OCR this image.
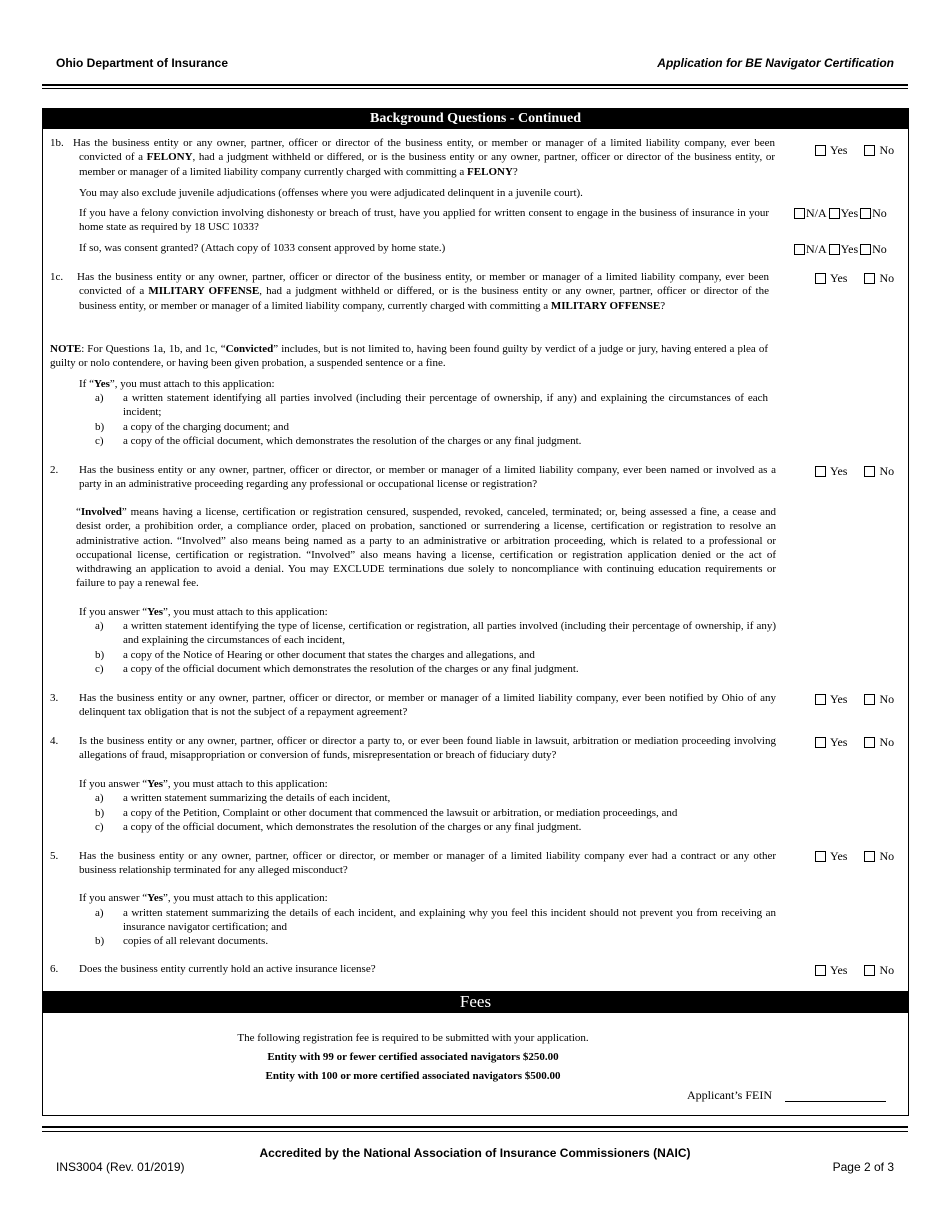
Ohio Department of Insurance	Application for BE Navigator Certification
Background Questions - Continued
1b. Has the business entity or any owner, partner, officer or director of the business entity, or member or manager of a limited liability company, ever been convicted of a FELONY, had a judgment withheld or differed, or is the business entity or any owner, partner, officer or director of the business entity, or member or manager of a limited liability company currently charged with committing a FELONY?
Yes	No
You may also exclude juvenile adjudications (offenses where you were adjudicated delinquent in a juvenile court).
If you have a felony conviction involving dishonesty or breach of trust, have you applied for written consent to engage in the business of insurance in your home state as required by 18 USC 1033?
N/A Yes No
If so, was consent granted? (Attach copy of 1033 consent approved by home state.)	N/A Yes No
1c. Has the business entity or any owner, partner, officer or director of the business entity, or member or manager of a limited liability company, ever been convicted of a MILITARY OFFENSE, had a judgment withheld or differed, or is the business entity or any owner, partner, officer or director of the business entity, or member or manager of a limited liability company, currently charged with committing a MILITARY OFFENSE?
Yes	No
NOTE: For Questions 1a, 1b, and 1c, “Convicted” includes, but is not limited to, having been found guilty by verdict of a judge or jury, having entered a plea of guilty or nolo contendere, or having been given probation, a suspended sentence or a fine.
If “Yes”, you must attach to this application:
a) a written statement identifying all parties involved (including their percentage of ownership, if any) and explaining the circumstances of each incident;
b) a copy of the charging document; and
c) a copy of the official document, which demonstrates the resolution of the charges or any final judgment.
2. Has the business entity or any owner, partner, officer or director, or member or manager of a limited liability company, ever been named or involved as a party in an administrative proceeding regarding any professional or occupational license or registration?
Yes	No
“Involved” means having a license, certification or registration censured, suspended, revoked, canceled, terminated; or, being assessed a fine, a cease and desist order, a prohibition order, a compliance order, placed on probation, sanctioned or surrendering a license, certification or registration to resolve an administrative action. “Involved” also means being named as a party to an administrative or arbitration proceeding, which is related to a professional or occupational license, certification or registration. “Involved” also means having a license, certification or registration application denied or the act of withdrawing an application to avoid a denial. You may EXCLUDE terminations due solely to noncompliance with continuing education requirements or failure to pay a renewal fee.
If you answer “Yes”, you must attach to this application:
a) a written statement identifying the type of license, certification or registration, all parties involved (including their percentage of ownership, if any) and explaining the circumstances of each incident,
b) a copy of the Notice of Hearing or other document that states the charges and allegations, and
c) a copy of the official document which demonstrates the resolution of the charges or any final judgment.
3. Has the business entity or any owner, partner, officer or director, or member or manager of a limited liability company, ever been notified by Ohio of any delinquent tax obligation that is not the subject of a repayment agreement?
Yes	No
4. Is the business entity or any owner, partner, officer or director a party to, or ever been found liable in lawsuit, arbitration or mediation proceeding involving allegations of fraud, misappropriation or conversion of funds, misrepresentation or breach of fiduciary duty?
Yes	No
If you answer “Yes”, you must attach to this application:
a) a written statement summarizing the details of each incident,
b) a copy of the Petition, Complaint or other document that commenced the lawsuit or arbitration, or mediation proceedings, and
c) a copy of the official document, which demonstrates the resolution of the charges or any final judgment.
5. Has the business entity or any owner, partner, officer or director, or member or manager of a limited liability company ever had a contract or any other business relationship terminated for any alleged misconduct?
Yes	No
If you answer “Yes”, you must attach to this application:
a) a written statement summarizing the details of each incident, and explaining why you feel this incident should not prevent you from receiving an insurance navigator certification; and
b) copies of all relevant documents.
6. Does the business entity currently hold an active insurance license?	Yes	No
Fees
The following registration fee is required to be submitted with your application.
Entity with 99 or fewer certified associated navigators $250.00
Entity with 100 or more certified associated navigators $500.00
Applicant’s FEIN
Accredited by the National Association of Insurance Commissioners (NAIC)
INS3004 (Rev. 01/2019)	Page 2 of 3
